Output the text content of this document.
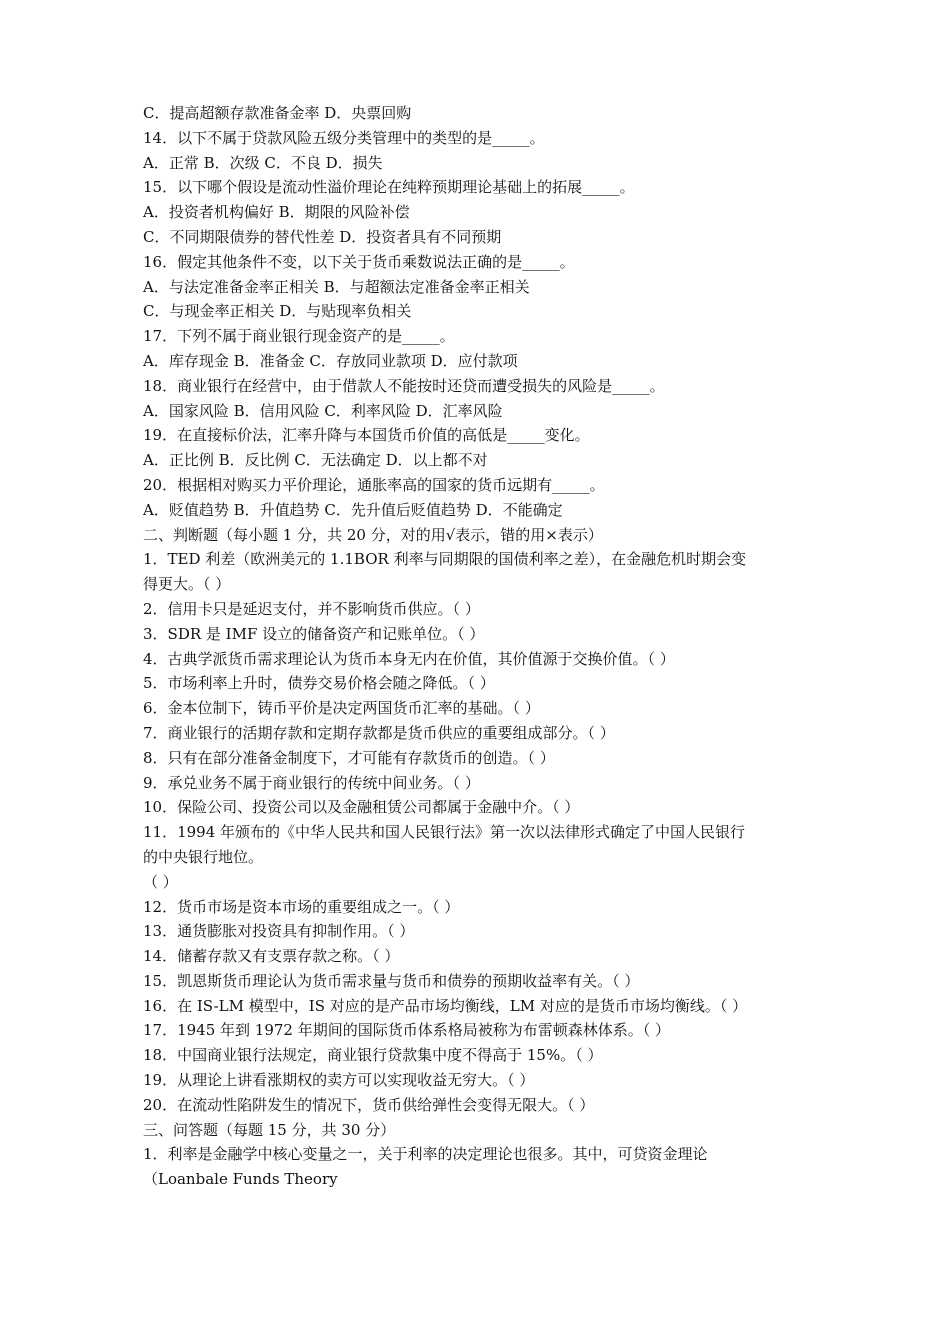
C．提高超额存款准备金率 D．央票回购
14．以下不属于贷款风险五级分类管理中的类型的是_____。
A．正常 B．次级 C．不良 D．损失
15．以下哪个假设是流动性溢价理论在纯粹预期理论基础上的拓展_____。
A．投资者机构偏好 B．期限的风险补偿
C．不同期限债券的替代性差 D．投资者具有不同预期
16．假定其他条件不变，以下关于货币乘数说法正确的是_____。
A．与法定准备金率正相关 B．与超额法定准备金率正相关
C．与现金率正相关 D．与贴现率负相关
17．下列不属于商业银行现金资产的是_____。
A．库存现金 B．准备金 C．存放同业款项 D．应付款项
18．商业银行在经营中，由于借款人不能按时还贷而遭受损失的风险是_____。
A．国家风险 B．信用风险 C．利率风险 D．汇率风险
19．在直接标价法，汇率升降与本国货币价值的高低是_____变化。
A．正比例 B．反比例 C．无法确定 D．以上都不对
20．根据相对购买力平价理论，通胀率高的国家的货币远期有_____。
A．贬值趋势 B．升值趋势 C．先升值后贬值趋势 D．不能确定
二、判断题（每小题 1 分，共 20 分，对的用√表示，错的用×表示）
1．TED 利差（欧洲美元的 1.1BOR 利率与同期限的国债利率之差），在金融危机时期会变
得更大。（ ）
2．信用卡只是延迟支付，并不影响货币供应。（ ）
3．SDR 是 IMF 设立的储备资产和记账单位。（ ）
4．古典学派货币需求理论认为货币本身无内在价值，其价值源于交换价值。（ ）
5．市场利率上升时，债券交易价格会随之降低。（ ）
6．金本位制下，铸币平价是决定两国货币汇率的基础。（ ）
7．商业银行的活期存款和定期存款都是货币供应的重要组成部分。（ ）
8．只有在部分准备金制度下，才可能有存款货币的创造。（ ）
9．承兑业务不属于商业银行的传统中间业务。（ ）
10．保险公司、投资公司以及金融租赁公司都属于金融中介。（ ）
11．1994 年颁布的《中华人民共和国人民银行法》第一次以法律形式确定了中国人民银行
的中央银行地位。
（ ）
12．货币市场是资本市场的重要组成之一。（ ）
13．通货膨胀对投资具有抑制作用。（ ）
14．储蓄存款又有支票存款之称。（ ）
15．凯恩斯货币理论认为货币需求量与货币和债券的预期收益率有关。（ ）
16．在 IS-LM 模型中，IS 对应的是产品市场均衡线，LM 对应的是货币市场均衡线。（ ）
17．1945 年到 1972 年期间的国际货币体系格局被称为布雷顿森林体系。（ ）
18．中国商业银行法规定，商业银行贷款集中度不得高于 15%。（ ）
19．从理论上讲看涨期权的卖方可以实现收益无穷大。（ ）
20．在流动性陷阱发生的情况下，货币供给弹性会变得无限大。（ ）
三、问答题（每题 15 分，共 30 分）
1．利率是金融学中核心变量之一，关于利率的决定理论也很多。其中，可贷资金理论
（Loanbale Funds Theory
